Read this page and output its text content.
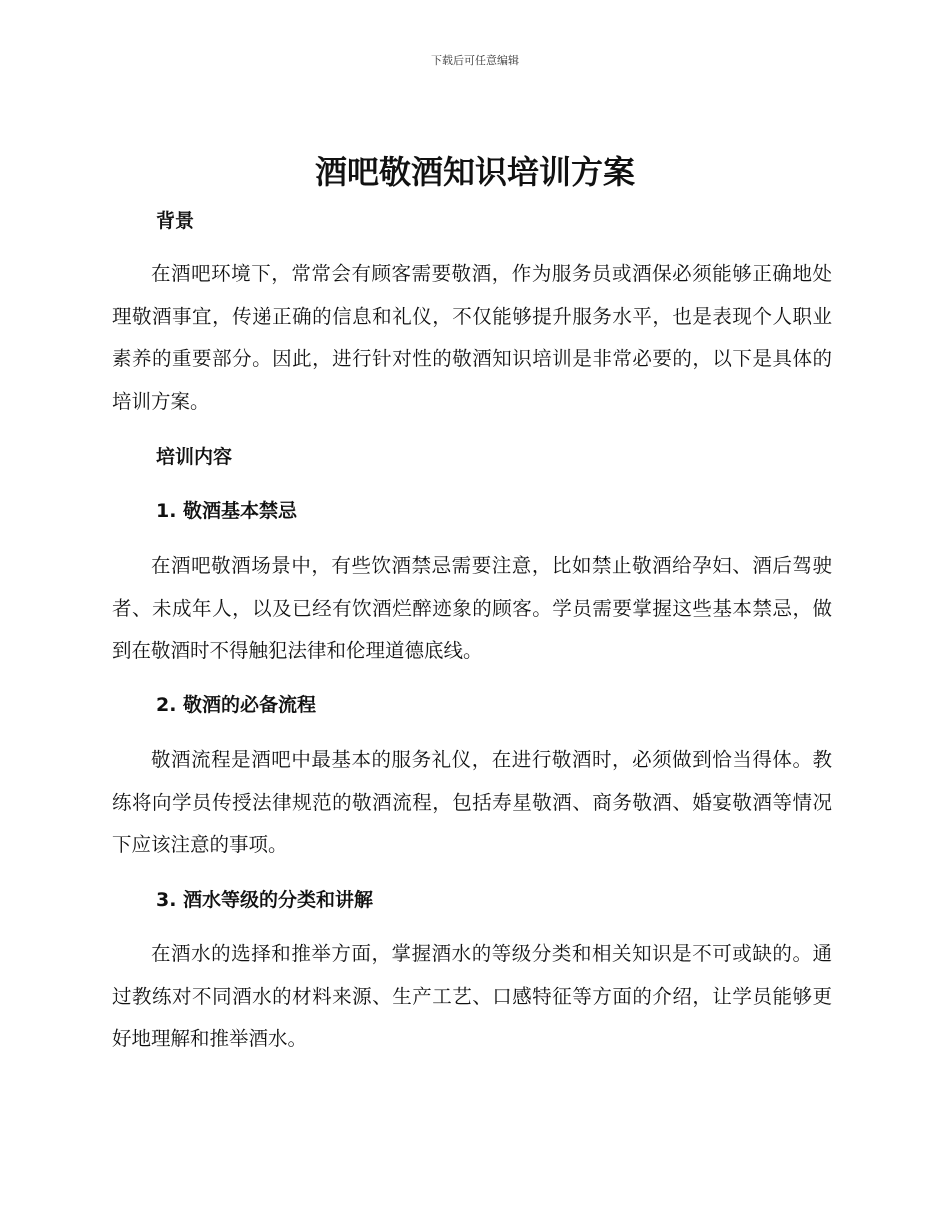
下载后可任意编辑
酒吧敬酒知识培训方案
背景

在酒吧环境下，常常会有顾客需要敬酒，作为服务员或酒保必须能够正确地处理敬酒事宜，传递正确的信息和礼仪，不仅能够提升服务水平，也是表现个人职业素养的重要部分。因此，进行针对性的敬酒知识培训是非常必要的，以下是具体的培训方案。

培训内容
1. 敬酒基本禁忌

在酒吧敬酒场景中，有些饮酒禁忌需要注意，比如禁止敬酒给孕妇、酒后驾驶者、未成年人，以及已经有饮酒烂醉迹象的顾客。学员需要掌握这些基本禁忌，做到在敬酒时不得触犯法律和伦理道德底线。

2. 敬酒的必备流程

敬酒流程是酒吧中最基本的服务礼仪，在进行敬酒时，必须做到恰当得体。教练将向学员传授法律规范的敬酒流程，包括寿星敬酒、商务敬酒、婚宴敬酒等情况下应该注意的事项。

3. 酒水等级的分类和讲解

在酒水的选择和推举方面，掌握酒水的等级分类和相关知识是不可或缺的。通过教练对不同酒水的材料来源、生产工艺、口感特征等方面的介绍，让学员能够更好地理解和推举酒水。
